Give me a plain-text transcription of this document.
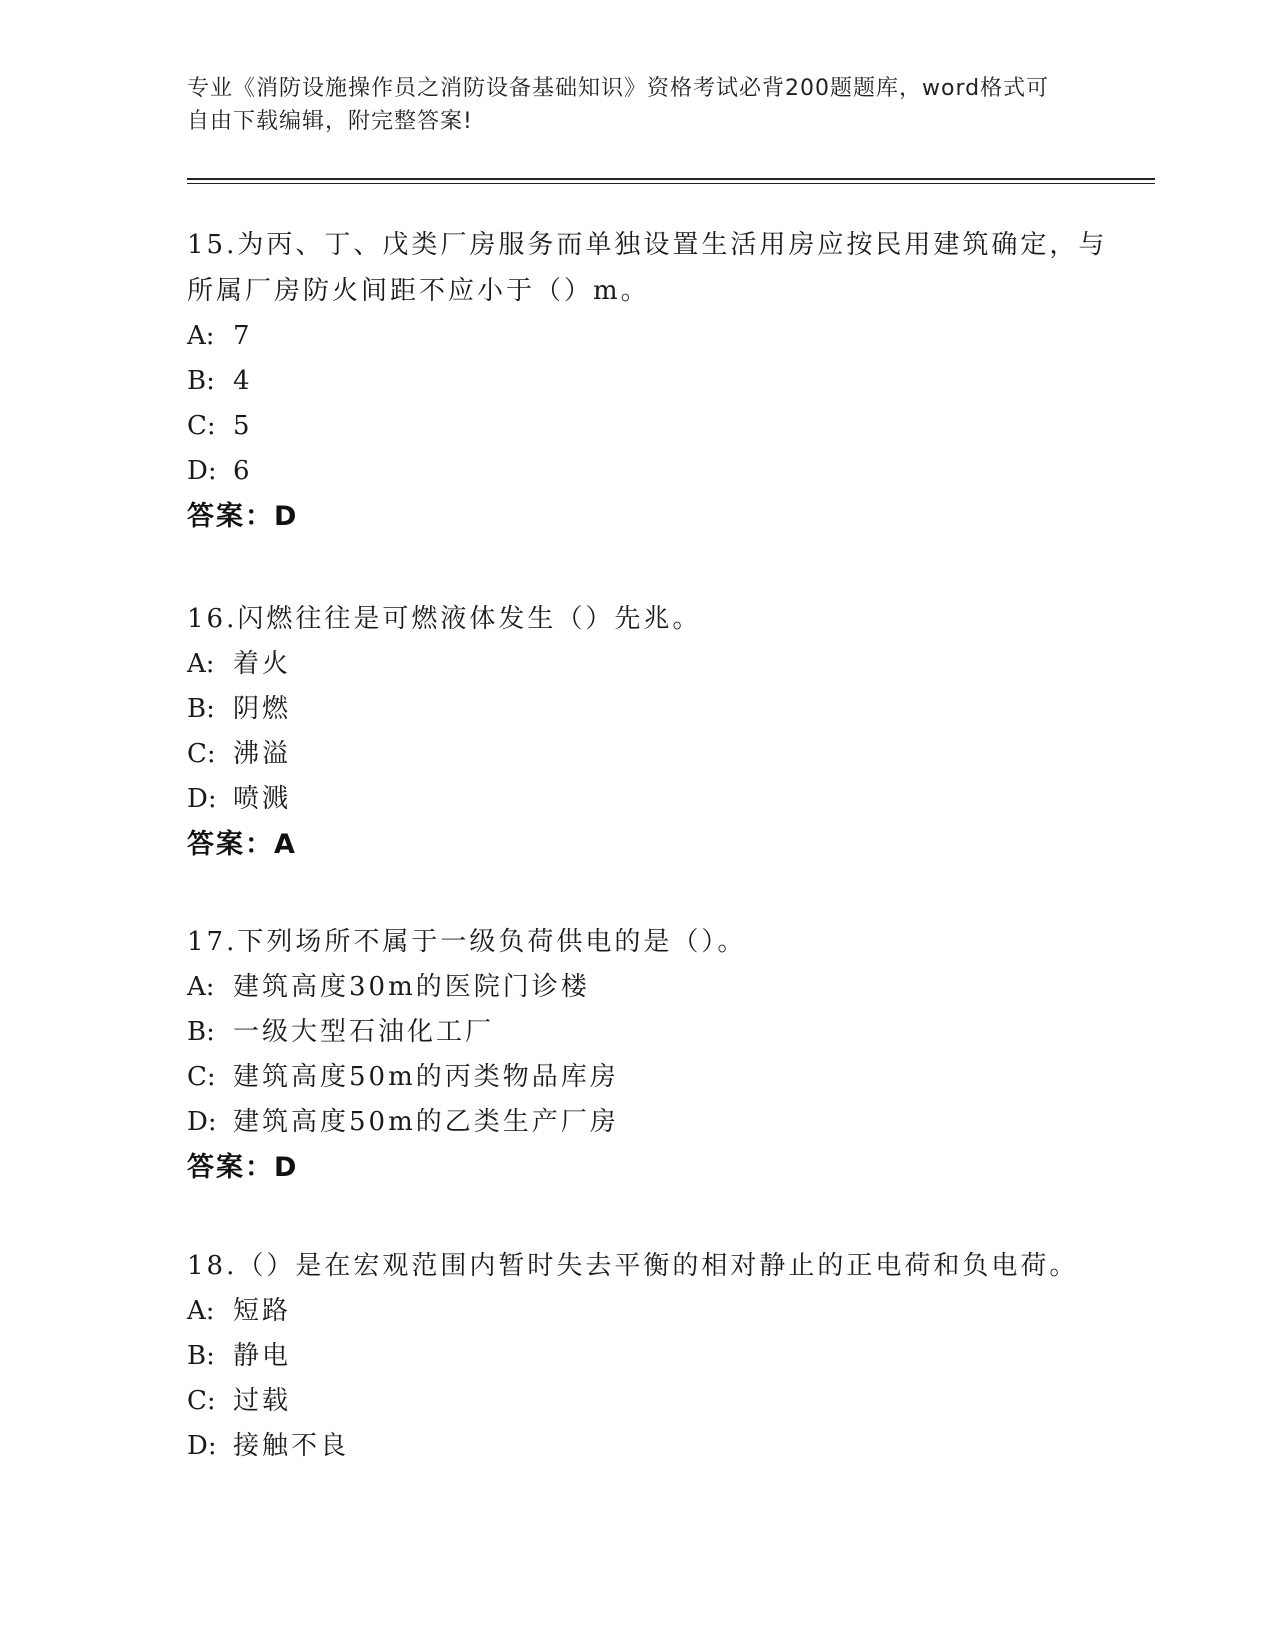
专业《消防设施操作员之消防设备基础知识》资格考试必背200题题库，word格式可自由下载编辑，附完整答案!
15.为丙、丁、戊类厂房服务而单独设置生活用房应按民用建筑确定，与所属厂房防火间距不应小于（）m。
A: 7
B: 4
C: 5
D: 6
答案：D
16.闪燃往往是可燃液体发生（）先兆。
A: 着火
B: 阴燃
C: 沸溢
D: 喷溅
答案：A
17.下列场所不属于一级负荷供电的是（）。
A: 建筑高度30m的医院门诊楼
B: 一级大型石油化工厂
C: 建筑高度50m的丙类物品库房
D: 建筑高度50m的乙类生产厂房
答案：D
18.（）是在宏观范围内暂时失去平衡的相对静止的正电荷和负电荷。
A: 短路
B: 静电
C: 过载
D: 接触不良
